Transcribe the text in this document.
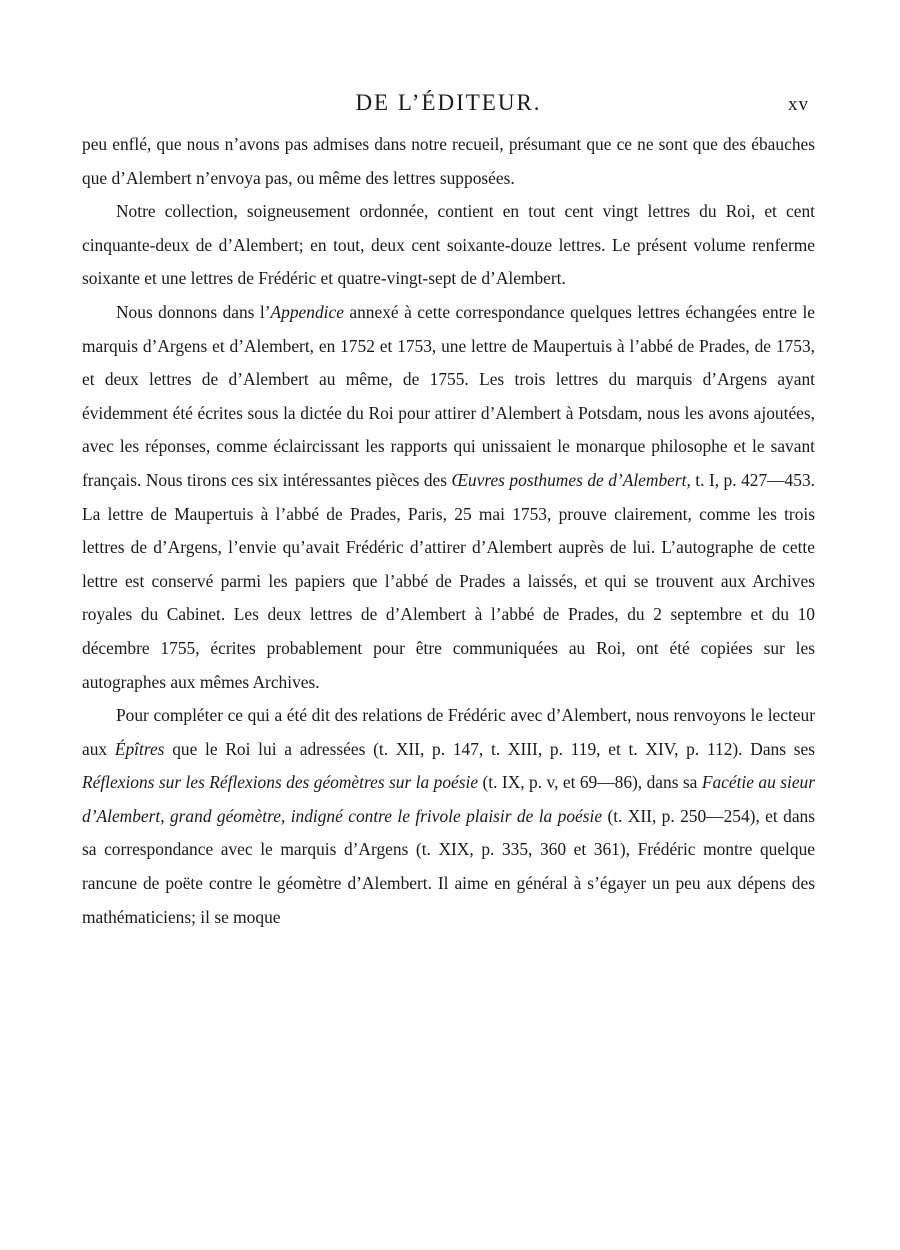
DE L’ÉDITEUR.	xv

peu enflé, que nous n’avons pas admises dans notre recueil, présumant que ce ne sont que des ébauches que d’Alembert n’envoya pas, ou même des lettres supposées.

Notre collection, soigneusement ordonnée, contient en tout cent vingt lettres du Roi, et cent cinquante-deux de d’Alembert; en tout, deux cent soixante-douze lettres. Le présent volume renferme soixante et une lettres de Frédéric et quatre-vingt-sept de d’Alembert.

Nous donnons dans l’Appendice annexé à cette correspondance quelques lettres échangées entre le marquis d’Argens et d’Alembert, en 1752 et 1753, une lettre de Maupertuis à l’abbé de Prades, de 1753, et deux lettres de d’Alembert au même, de 1755. Les trois lettres du marquis d’Argens ayant évidemment été écrites sous la dictée du Roi pour attirer d’Alembert à Potsdam, nous les avons ajoutées, avec les réponses, comme éclaircissant les rapports qui unissaient le monarque philosophe et le savant français. Nous tirons ces six intéressantes pièces des Œuvres posthumes de d’Alembert, t. I, p. 427—453. La lettre de Maupertuis à l’abbé de Prades, Paris, 25 mai 1753, prouve clairement, comme les trois lettres de d’Argens, l’envie qu’avait Frédéric d’attirer d’Alembert auprès de lui. L’autographe de cette lettre est conservé parmi les papiers que l’abbé de Prades a laissés, et qui se trouvent aux Archives royales du Cabinet. Les deux lettres de d’Alembert à l’abbé de Prades, du 2 septembre et du 10 décembre 1755, écrites probablement pour être communiquées au Roi, ont été copiées sur les autographes aux mêmes Archives.

Pour compléter ce qui a été dit des relations de Frédéric avec d’Alembert, nous renvoyons le lecteur aux Épîtres que le Roi lui a adressées (t. XII, p. 147, t. XIII, p. 119, et t. XIV, p. 112). Dans ses Réflexions sur les Réflexions des géomètres sur la poésie (t. IX, p. v, et 69—86), dans sa Facétie au sieur d’Alembert, grand géomètre, indigné contre le frivole plaisir de la poésie (t. XII, p. 250—254), et dans sa correspondance avec le marquis d’Argens (t. XIX, p. 335, 360 et 361), Frédéric montre quelque rancune de poëte contre le géomètre d’Alembert. Il aime en général à s’égayer un peu aux dépens des mathématiciens; il se moque
